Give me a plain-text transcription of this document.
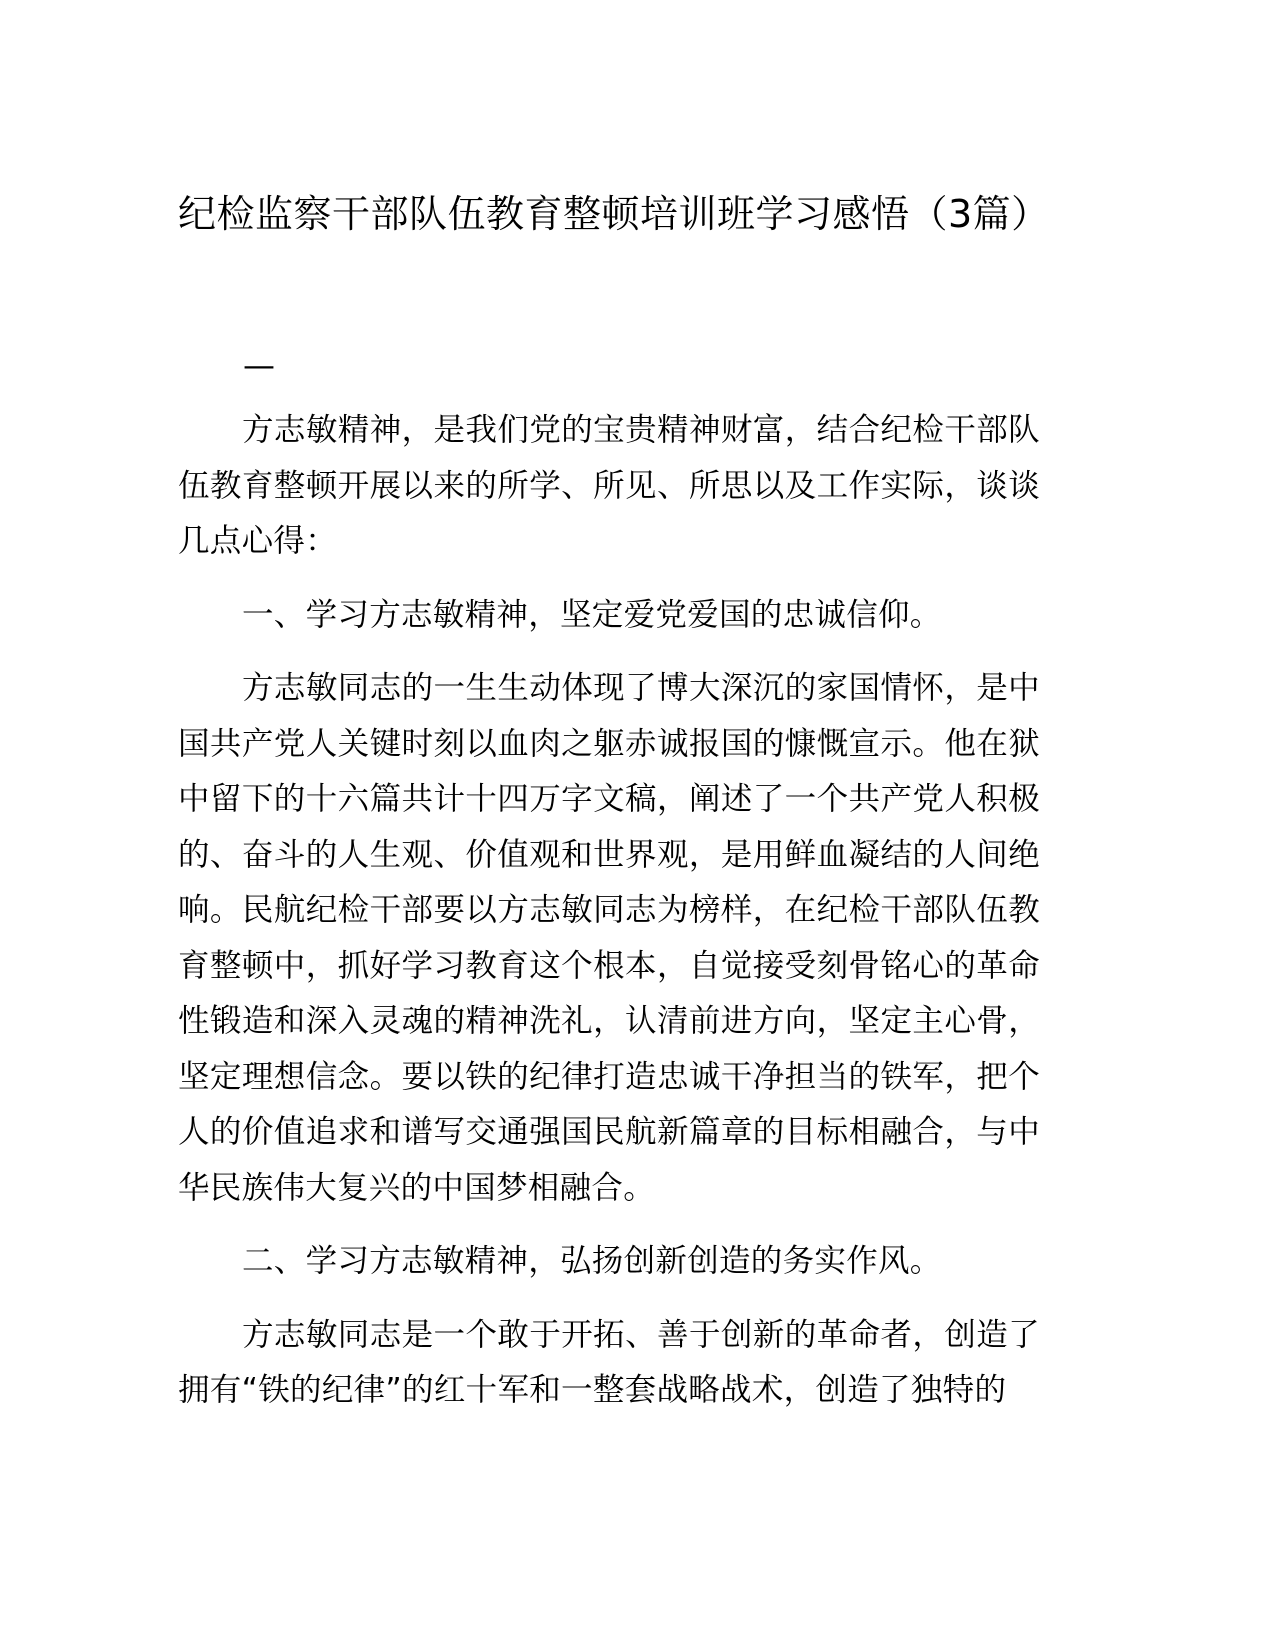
纪检监察干部队伍教育整顿培训班学习感悟（3篇）
—

方志敏精神，是我们党的宝贵精神财富，结合纪检干部队伍教育整顿开展以来的所学、所见、所思以及工作实际，谈谈几点心得：

一、学习方志敏精神，坚定爱党爱国的忠诚信仰。

方志敏同志的一生生动体现了博大深沉的家国情怀，是中国共产党人关键时刻以血肉之躯赤诚报国的慷慨宣示。他在狱中留下的十六篇共计十四万字文稿，阐述了一个共产党人积极的、奋斗的人生观、价值观和世界观，是用鲜血凝结的人间绝响。民航纪检干部要以方志敏同志为榜样，在纪检干部队伍教育整顿中，抓好学习教育这个根本，自觉接受刻骨铭心的革命性锻造和深入灵魂的精神洗礼，认清前进方向，坚定主心骨，坚定理想信念。要以铁的纪律打造忠诚干净担当的铁军，把个人的价值追求和谱写交通强国民航新篇章的目标相融合，与中华民族伟大复兴的中国梦相融合。

二、学习方志敏精神，弘扬创新创造的务实作风。

方志敏同志是一个敢于开拓、善于创新的革命者，创造了拥有“铁的纪律”的红十军和一整套战略战术，创造了独特的
